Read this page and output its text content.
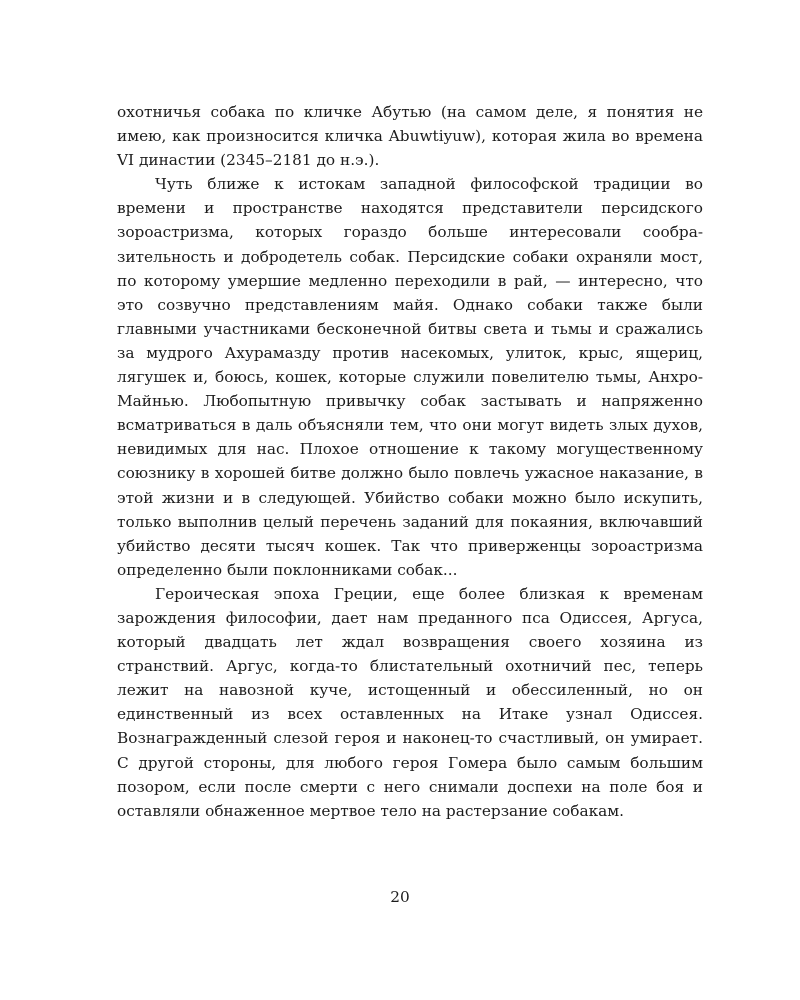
охотничья собака по кличке Абутью (на самом деле, я понятия не имею, как произносится кличка Abuwtiyuw), которая жила во времена VI династии (2345–2181 до н.э.).

Чуть ближе к истокам западной философской традиции во времени и пространстве находятся представители персидского зороастризма, которых гораздо больше интересовали сообразительность и добродетель собак. Персидские собаки охраняли мост, по которому умершие медленно переходили в рай, — интересно, что это созвучно представлениям майя. Однако собаки также были главными участниками бесконечной битвы света и тьмы и сражались за мудрого Ахурамазду против насекомых, улиток, крыс, ящериц, лягушек и, боюсь, кошек, которые служили повелителю тьмы, Анхро-Майнью. Любопытную привычку собак застывать и напряженно всматриваться в даль объясняли тем, что они могут видеть злых духов, невидимых для нас. Плохое отношение к такому могущественному союзнику в хорошей битве должно было повлечь ужасное наказание, в этой жизни и в следующей. Убийство собаки можно было искупить, только выполнив целый перечень заданий для покаяния, включавший убийство десяти тысяч кошек. Так что приверженцы зороастризма определенно были поклонниками собак...

Героическая эпоха Греции, еще более близкая к временам зарождения философии, дает нам преданного пса Одиссея, Аргуса, который двадцать лет ждал возвращения своего хозяина из странствий. Аргус, когда-то блистательный охотничий пес, теперь лежит на навозной куче, истощенный и обессиленный, но он единственный из всех оставленных на Итаке узнал Одиссея. Вознагражденный слезой героя и наконец-то счастливый, он умирает. С другой стороны, для любого героя Гомера было самым большим позором, если после смерти с него снимали доспехи на поле боя и оставляли обнаженное мертвое тело на растерзание собакам.

20
